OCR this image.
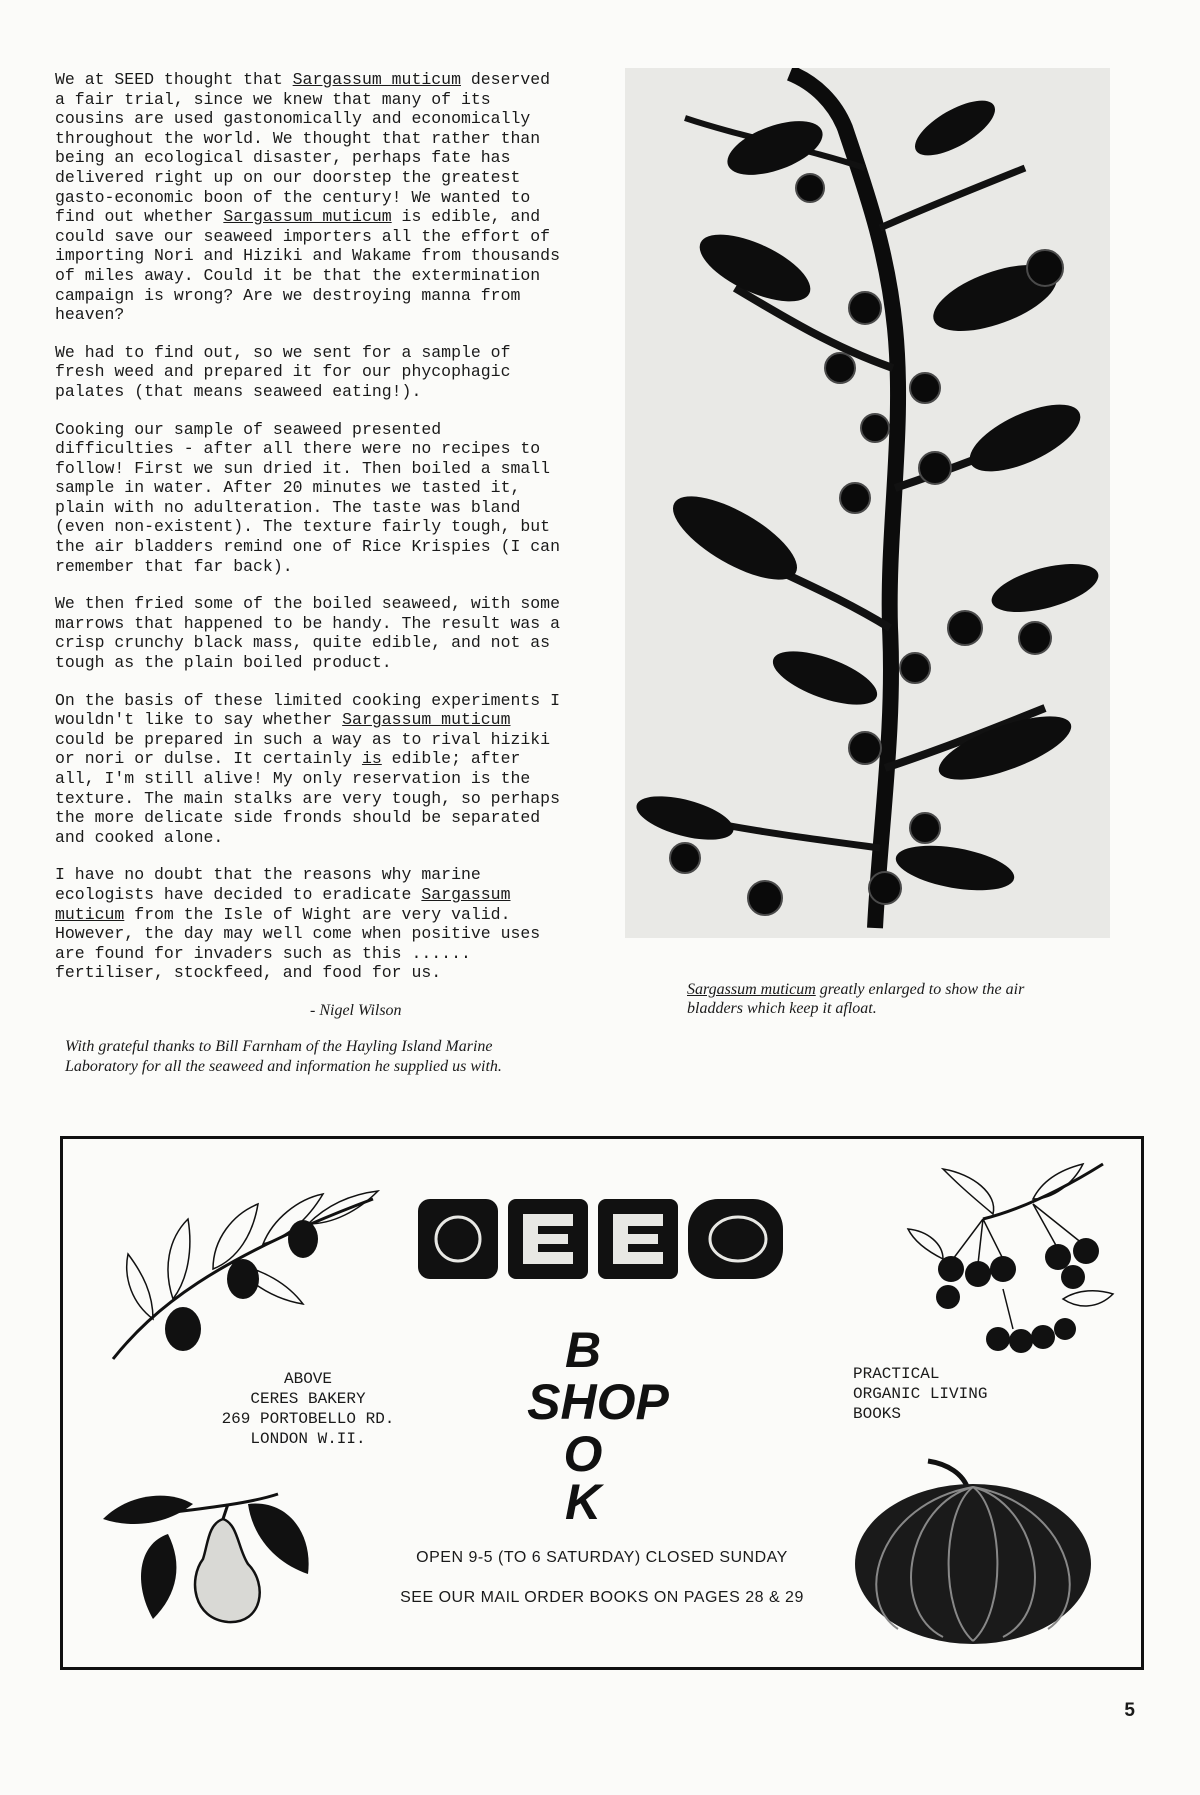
We at SEED thought that Sargassum muticum deserved a fair trial, since we knew that many of its cousins are used gastonomically and economically throughout the world. We thought that rather than being an ecological disaster, perhaps fate has delivered right up on our doorstep the greatest gasto-economic boon of the century! We wanted to find out whether Sargassum muticum is edible, and could save our seaweed importers all the effort of importing Nori and Hiziki and Wakame from thousands of miles away. Could it be that the extermination campaign is wrong? Are we destroying manna from heaven?

We had to find out, so we sent for a sample of fresh weed and prepared it for our phycophagic palates (that means seaweed eating!).

Cooking our sample of seaweed presented difficulties - after all there were no recipes to follow! First we sun dried it. Then boiled a small sample in water. After 20 minutes we tasted it, plain with no adulteration. The taste was bland (even non-existent). The texture fairly tough, but the air bladders remind one of Rice Krispies (I can remember that far back).

We then fried some of the boiled seaweed, with some marrows that happened to be handy. The result was a crisp crunchy black mass, quite edible, and not as tough as the plain boiled product.

On the basis of these limited cooking experiments I wouldn't like to say whether Sargassum muticum could be prepared in such a way as to rival hiziki or nori or dulse. It certainly is edible; after all, I'm still alive! My only reservation is the texture. The main stalks are very tough, so perhaps the more delicate side fronds should be separated and cooked alone.

I have no doubt that the reasons why marine ecologists have decided to eradicate Sargassum muticum from the Isle of Wight are very valid. However, the day may well come when positive uses are found for invaders such as this ...... fertiliser, stockfeed, and food for us.

- Nigel Wilson
With grateful thanks to Bill Farnham of the Hayling Island Marine Laboratory for all the seaweed and information he supplied us with.
Sargassum muticum greatly enlarged to show the air bladders which keep it afloat.
ABOVE
CERES BAKERY
269 PORTOBELLO RD.
LONDON W.II.
B
SHOP
O
K
PRACTICAL
ORGANIC LIVING
BOOKS
OPEN 9-5 (TO 6 SATURDAY) CLOSED SUNDAY
SEE OUR MAIL ORDER BOOKS ON PAGES 28 & 29
5
